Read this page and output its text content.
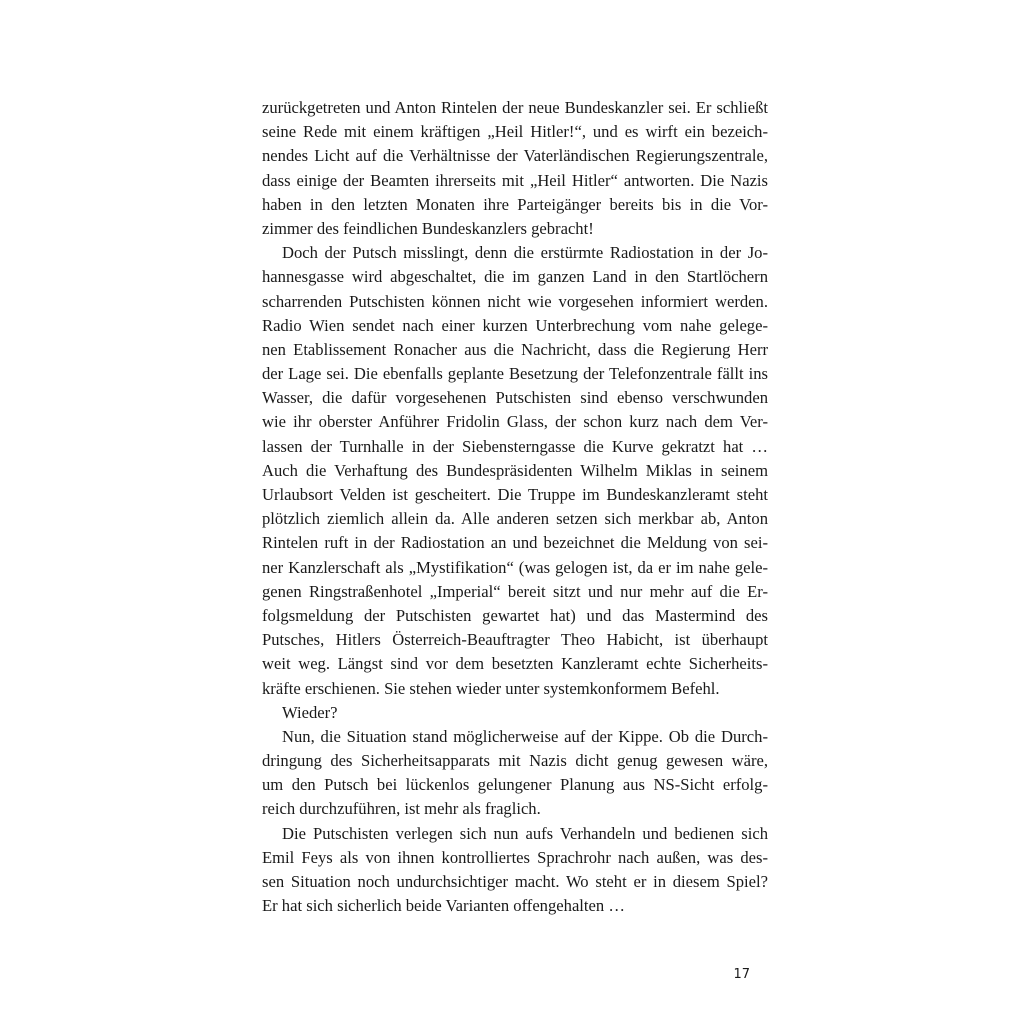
zurückgetreten und Anton Rintelen der neue Bundeskanzler sei. Er schließt
seine Rede mit einem kräftigen „Heil Hitler!“, und es wirft ein bezeich-
nendes Licht auf die Verhältnisse der Vaterländischen Regierungszentrale,
dass einige der Beamten ihrerseits mit „Heil Hitler“ antworten. Die Nazis
haben in den letzten Monaten ihre Parteigänger bereits bis in die Vor-
zimmer des feindlichen Bundeskanzlers gebracht!
Doch der Putsch misslingt, denn die erstürmte Radiostation in der Jo-
hannesgasse wird abgeschaltet, die im ganzen Land in den Startlöchern
scharrenden Putschisten können nicht wie vorgesehen informiert werden.
Radio Wien sendet nach einer kurzen Unterbrechung vom nahe gelege-
nen Etablissement Ronacher aus die Nachricht, dass die Regierung Herr
der Lage sei. Die ebenfalls geplante Besetzung der Telefonzentrale fällt ins
Wasser, die dafür vorgesehenen Putschisten sind ebenso verschwunden
wie ihr oberster Anführer Fridolin Glass, der schon kurz nach dem Ver-
lassen der Turnhalle in der Siebensterngasse die Kurve gekratzt hat …
Auch die Verhaftung des Bundespräsidenten Wilhelm Miklas in seinem
Urlaubsort Velden ist gescheitert. Die Truppe im Bundeskanzleramt steht
plötzlich ziemlich allein da. Alle anderen setzen sich merkbar ab, Anton
Rintelen ruft in der Radiostation an und bezeichnet die Meldung von sei-
ner Kanzlerschaft als „Mystifikation“ (was gelogen ist, da er im nahe gele-
genen Ringstraßenhotel „Imperial“ bereit sitzt und nur mehr auf die Er-
folgsmeldung der Putschisten gewartet hat) und das Mastermind des
Putsches, Hitlers Österreich-Beauftragter Theo Habicht, ist überhaupt
weit weg. Längst sind vor dem besetzten Kanzleramt echte Sicherheits-
kräfte erschienen. Sie stehen wieder unter systemkonformem Befehl.
Wieder?
Nun, die Situation stand möglicherweise auf der Kippe. Ob die Durch-
dringung des Sicherheitsapparats mit Nazis dicht genug gewesen wäre,
um den Putsch bei lückenlos gelungener Planung aus NS-Sicht erfolg-
reich durchzuführen, ist mehr als fraglich.
Die Putschisten verlegen sich nun aufs Verhandeln und bedienen sich
Emil Feys als von ihnen kontrolliertes Sprachrohr nach außen, was des-
sen Situation noch undurchsichtiger macht. Wo steht er in diesem Spiel?
Er hat sich sicherlich beide Varianten offengehalten …
17
